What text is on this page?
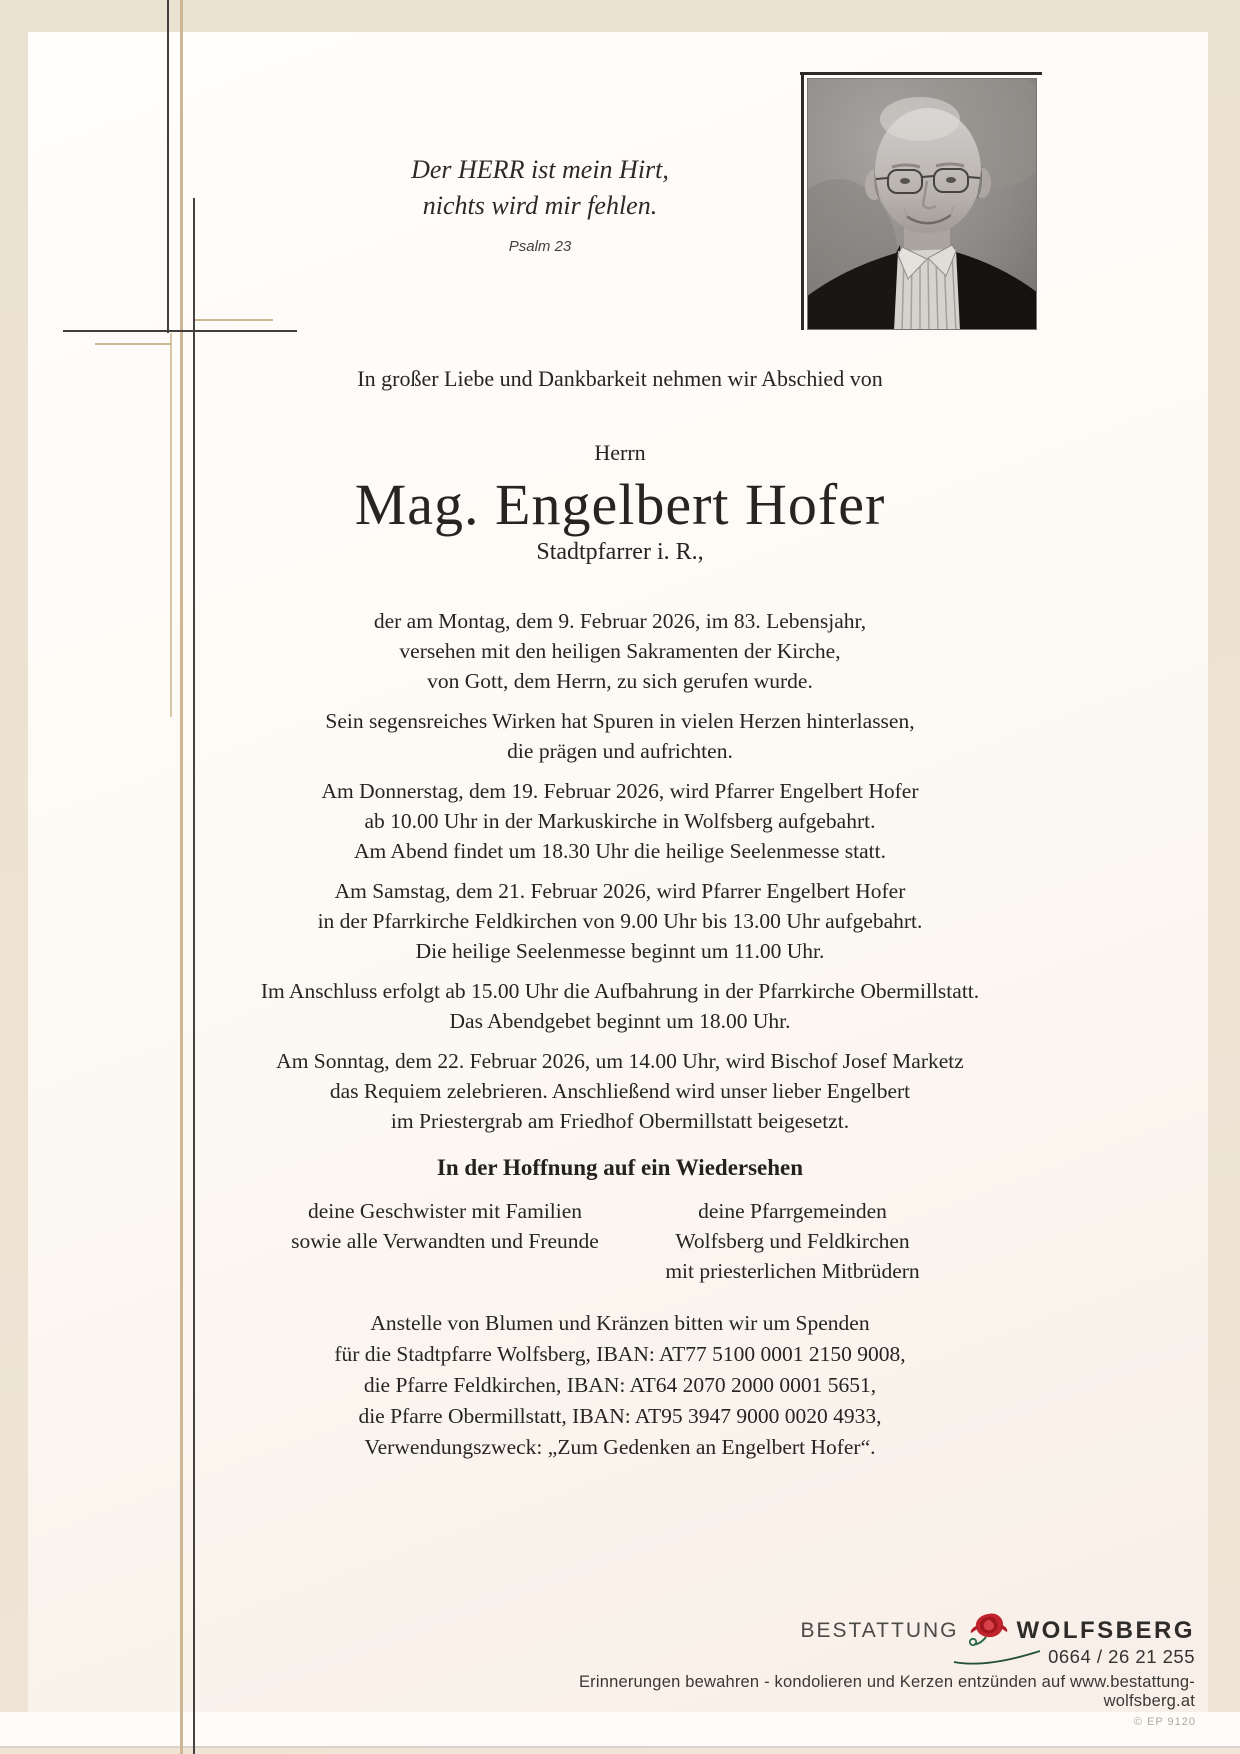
Der HERR ist mein Hirt,
nichts wird mir fehlen.
Psalm 23
In großer Liebe und Dankbarkeit nehmen wir Abschied von
Herrn
Mag. Engelbert Hofer
Stadtpfarrer i. R.,
der am Montag, dem 9. Februar 2026, im 83. Lebensjahr,
versehen mit den heiligen Sakramenten der Kirche,
von Gott, dem Herrn, zu sich gerufen wurde.
Sein segensreiches Wirken hat Spuren in vielen Herzen hinterlassen,
die prägen und aufrichten.
Am Donnerstag, dem 19. Februar 2026, wird Pfarrer Engelbert Hofer
ab 10.00 Uhr in der Markuskirche in Wolfsberg aufgebahrt.
Am Abend findet um 18.30 Uhr die heilige Seelenmesse statt.
Am Samstag, dem 21. Februar 2026, wird Pfarrer Engelbert Hofer
in der Pfarrkirche Feldkirchen von 9.00 Uhr bis 13.00 Uhr aufgebahrt.
Die heilige Seelenmesse beginnt um 11.00 Uhr.
Im Anschluss erfolgt ab 15.00 Uhr die Aufbahrung in der Pfarrkirche Obermillstatt.
Das Abendgebet beginnt um 18.00 Uhr.
Am Sonntag, dem 22. Februar 2026, um 14.00 Uhr, wird Bischof Josef Marketz
das Requiem zelebrieren. Anschließend wird unser lieber Engelbert
im Priestergrab am Friedhof Obermillstatt beigesetzt.
In der Hoffnung auf ein Wiedersehen
deine Geschwister mit Familien
sowie alle Verwandten und Freunde
deine Pfarrgemeinden
Wolfsberg und Feldkirchen
mit priesterlichen Mitbrüdern
Anstelle von Blumen und Kränzen bitten wir um Spenden
für die Stadtpfarre Wolfsberg, IBAN: AT77 5100 0001 2150 9008,
die Pfarre Feldkirchen, IBAN: AT64 2070 2000 0001 5651,
die Pfarre Obermillstatt, IBAN: AT95 3947 9000 0020 4933,
Verwendungszweck: „Zum Gedenken an Engelbert Hofer“.
BESTATTUNG WOLFSBERG
0664 / 26 21 255
Erinnerungen bewahren - kondolieren und Kerzen entzünden auf www.bestattung-wolfsberg.at
© EP 9120
